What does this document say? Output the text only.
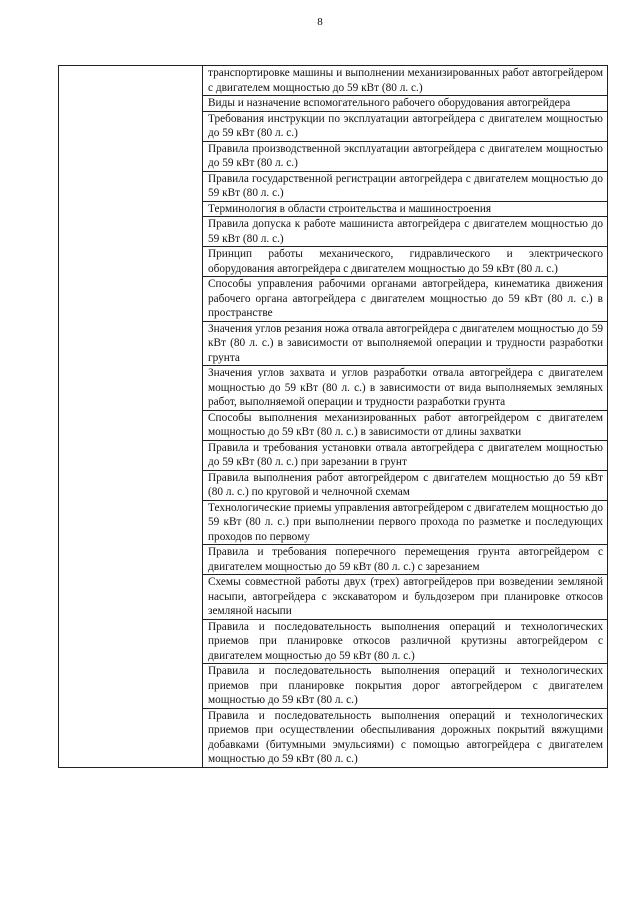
8
	транспортировке машины и выполнении механизированных работ автогрейдером с двигателем мощностью до 59 кВт (80 л. с.)
Виды и назначение вспомогательного рабочего оборудования автогрейдера
Требования инструкции по эксплуатации автогрейдера с двигателем мощностью до 59 кВт (80 л. с.)
Правила производственной эксплуатации автогрейдера с двигателем мощностью до 59 кВт (80 л. с.)
Правила государственной регистрации автогрейдера с двигателем мощностью до 59 кВт (80 л. с.)
Терминология в области строительства и машиностроения
Правила допуска к работе машиниста автогрейдера с двигателем мощностью до 59 кВт (80 л. с.)
Принцип работы механического, гидравлического и электрического оборудования автогрейдера с двигателем мощностью до 59 кВт (80 л. с.)
Способы управления рабочими органами автогрейдера, кинематика движения рабочего органа автогрейдера с двигателем мощностью до 59 кВт (80 л. с.) в пространстве
Значения углов резания ножа отвала автогрейдера с двигателем мощностью до 59 кВт (80 л. с.) в зависимости от выполняемой операции и трудности разработки грунта
Значения углов захвата и углов разработки отвала автогрейдера с двигателем мощностью до 59 кВт (80 л. с.) в зависимости от вида выполняемых земляных работ, выполняемой операции и трудности разработки грунта
Способы выполнения механизированных работ автогрейдером с двигателем мощностью до 59 кВт (80 л. с.) в зависимости от длины захватки
Правила и требования установки отвала автогрейдера с двигателем мощностью до 59 кВт (80 л. с.) при зарезании в грунт
Правила выполнения работ автогрейдером с двигателем мощностью до 59 кВт (80 л. с.) по круговой и челночной схемам
Технологические приемы управления автогрейдером с двигателем мощностью до 59 кВт (80 л. с.) при выполнении первого прохода по разметке и последующих проходов по первому
Правила и требования поперечного перемещения грунта автогрейдером с двигателем мощностью до 59 кВт (80 л. с.) с зарезанием
Схемы совместной работы двух (трех) автогрейдеров при возведении земляной насыпи, автогрейдера с экскаватором и бульдозером при планировке откосов земляной насыпи
Правила и последовательность выполнения операций и технологических приемов при планировке откосов различной крутизны автогрейдером с двигателем мощностью до 59 кВт (80 л. с.)
Правила и последовательность выполнения операций и технологических приемов при планировке покрытия дорог автогрейдером с двигателем мощностью до 59 кВт (80 л. с.)
Правила и последовательность выполнения операций и технологических приемов при осуществлении обеспыливания дорожных покрытий вяжущими добавками (битумными эмульсиями) с помощью автогрейдера с двигателем мощностью до 59 кВт (80 л. с.)
